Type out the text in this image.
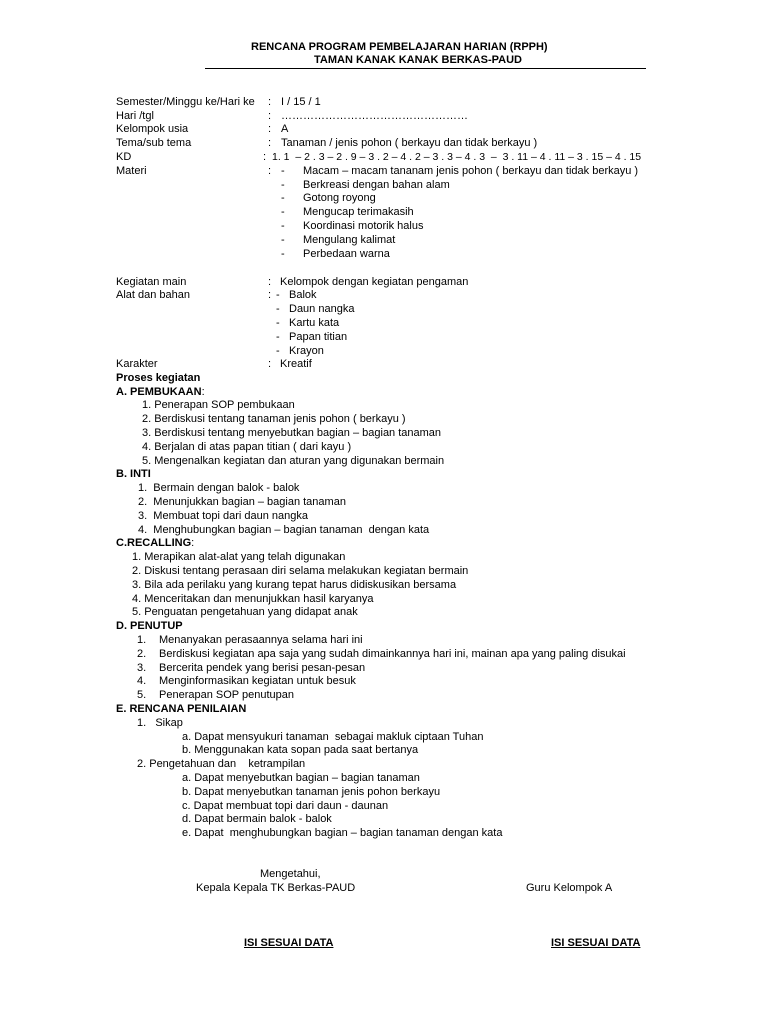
RENCANA PROGRAM PEMBELAJARAN HARIAN (RPPH)
TAMAN KANAK KANAK BERKAS-PAUD
Semester/Minggu ke/Hari ke : I / 15 / 1
Hari /tgl	: ……………………………………………
Kelompok usia	: A
Tema/sub tema	: Tanaman / jenis pohon ( berkayu dan tidak berkayu )
KD	: 1. 1  – 2 . 3 – 2 . 9 – 3 . 2 – 4 . 2 – 3 . 3 – 4 . 3  –  3 . 11 – 4 . 11 – 3 . 15 – 4 . 15
Materi	: - Macam – macam tananam jenis pohon ( berkayu dan tidak berkayu )
- Berkreasi dengan bahan alam
- Gotong royong
- Mengucap terimakasih
- Koordinasi motorik halus
- Mengulang kalimat
- Perbedaan warna
Kegiatan main	: Kelompok dengan kegiatan pengaman
Alat dan bahan	: - Balok
- Daun nangka
- Kartu kata
- Papan titian
- Krayon
Karakter	: Kreatif
Proses kegiatan
A. PEMBUKAAN:
1. Penerapan SOP pembukaan
2. Berdiskusi tentang tanaman jenis pohon ( berkayu )
3. Berdiskusi tentang menyebutkan bagian – bagian tanaman
4. Berjalan di atas papan titian ( dari kayu )
5. Mengenalkan kegiatan dan aturan yang digunakan bermain
B. INTI
1.  Bermain dengan balok - balok
2.  Menunjukkan bagian – bagian tanaman
3.  Membuat topi dari daun nangka
4.  Menghubungkan bagian – bagian tanaman  dengan kata
C.RECALLING:
1. Merapikan alat-alat yang telah digunakan
2. Diskusi tentang perasaan diri selama melakukan kegiatan bermain
3. Bila ada perilaku yang kurang tepat harus didiskusikan bersama
4. Menceritakan dan menunjukkan hasil karyanya
5. Penguatan pengetahuan yang didapat anak
D. PENUTUP
1. Menanyakan perasaannya selama hari ini
2. Berdiskusi kegiatan apa saja yang sudah dimainkannya hari ini, mainan apa yang paling disukai
3. Bercerita pendek yang berisi pesan-pesan
4. Menginformasikan kegiatan untuk besuk
5. Penerapan SOP penutupan
E. RENCANA PENILAIAN
1.   Sikap
a. Dapat mensyukuri tanaman  sebagai makluk ciptaan Tuhan
b. Menggunakan kata sopan pada saat bertanya
2. Pengetahuan dan    ketrampilan
a. Dapat menyebutkan bagian – bagian tanaman
b. Dapat menyebutkan tanaman jenis pohon berkayu
c. Dapat membuat topi dari daun - daunan
d. Dapat bermain balok - balok
e. Dapat  menghubungkan bagian – bagian tanaman dengan kata
Mengetahui,
Kepala Kepala TK Berkas-PAUD	Guru Kelompok A
ISI SESUAI DATA	ISI SESUAI DATA
